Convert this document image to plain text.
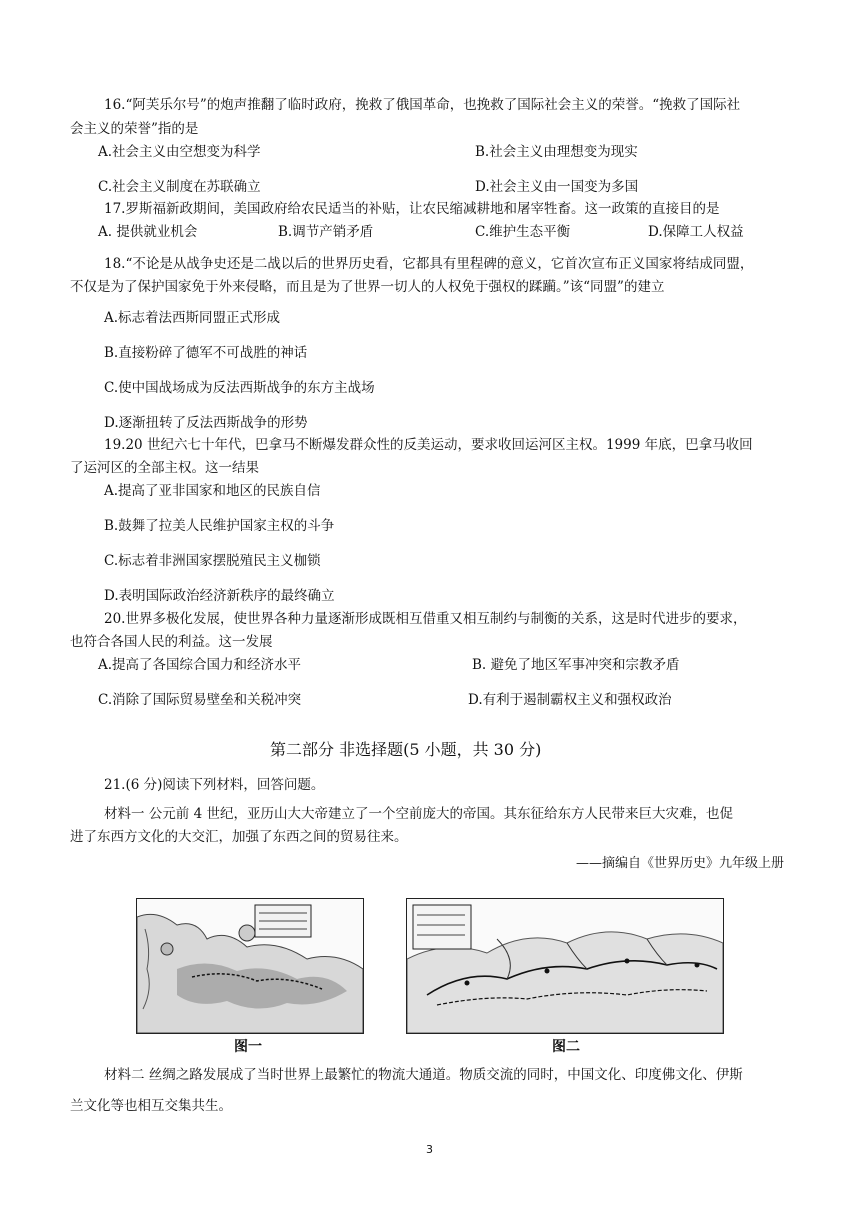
16.“阿芙乐尔号”的炮声推翻了临时政府，挽救了俄国革命，也挽救了国际社会主义的荣誉。“挽救了国际社
会主义的荣誉”指的是
A.社会主义由空想变为科学	B.社会主义由理想变为现实
C.社会主义制度在苏联确立	D.社会主义由一国变为多国
17.罗斯福新政期间，美国政府给农民适当的补贴，让农民缩减耕地和屠宰牲畜。这一政策的直接目的是
A. 提供就业机会	B.调节产销矛盾	C.维护生态平衡	D.保障工人权益
18.“不论是从战争史还是二战以后的世界历史看，它都具有里程碑的意义，它首次宣布正义国家将结成同盟，
不仅是为了保护国家免于外来侵略，而且是为了世界一切人的人权免于强权的蹂躏。”该“同盟”的建立
A.标志着法西斯同盟正式形成
B.直接粉碎了德军不可战胜的神话
C.使中国战场成为反法西斯战争的东方主战场
D.逐渐扭转了反法西斯战争的形势
19.20 世纪六七十年代，巴拿马不断爆发群众性的反美运动，要求收回运河区主权。1999 年底，巴拿马收回
了运河区的全部主权。这一结果
A.提高了亚非国家和地区的民族自信
B.鼓舞了拉美人民维护国家主权的斗争
C.标志着非洲国家摆脱殖民主义枷锁
D.表明国际政治经济新秩序的最终确立
20.世界多极化发展，使世界各种力量逐渐形成既相互借重又相互制约与制衡的关系，这是时代进步的要求，
也符合各国人民的利益。这一发展
A.提高了各国综合国力和经济水平	B. 避免了地区军事冲突和宗教矛盾
C.消除了国际贸易壁垒和关税冲突	D.有利于遏制霸权主义和强权政治
第二部分 非选择题(5 小题，共 30 分)
21.(6 分)阅读下列材料，回答问题。
材料一 公元前 4 世纪，亚历山大大帝建立了一个空前庞大的帝国。其东征给东方人民带来巨大灾难，也促
进了东西方文化的大交汇，加强了东西之间的贸易往来。
——摘编自《世界历史》九年级上册
图一	图二
材料二 丝绸之路发展成了当时世界上最繁忙的物流大通道。物质交流的同时，中国文化、印度佛文化、伊斯
兰文化等也相互交集共生。
3
